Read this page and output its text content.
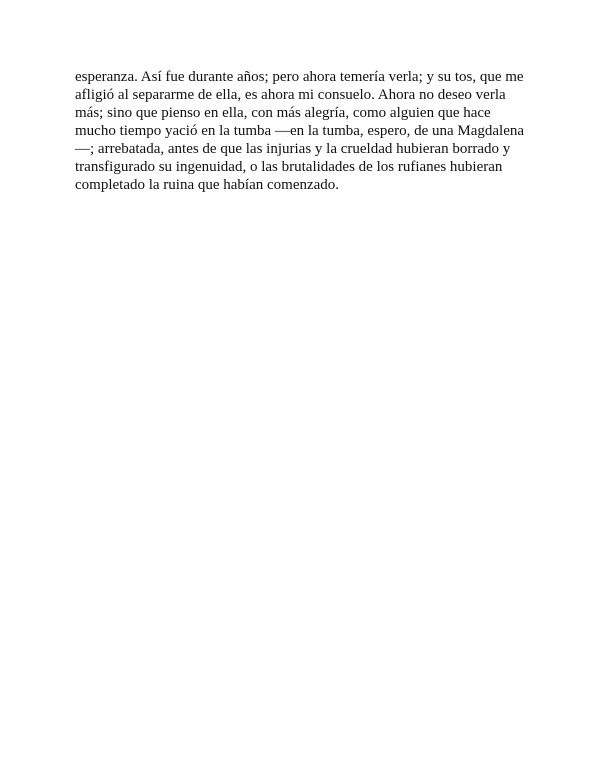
esperanza. Así fue durante años; pero ahora temería verla; y su tos, que me
afligió al separarme de ella, es ahora mi consuelo. Ahora no deseo verla
más; sino que pienso en ella, con más alegría, como alguien que hace
mucho tiempo yació en la tumba —en la tumba, espero, de una Magdalena
—; arrebatada, antes de que las injurias y la crueldad hubieran borrado y
transfigurado su ingenuidad, o las brutalidades de los rufianes hubieran
completado la ruina que habían comenzado.
